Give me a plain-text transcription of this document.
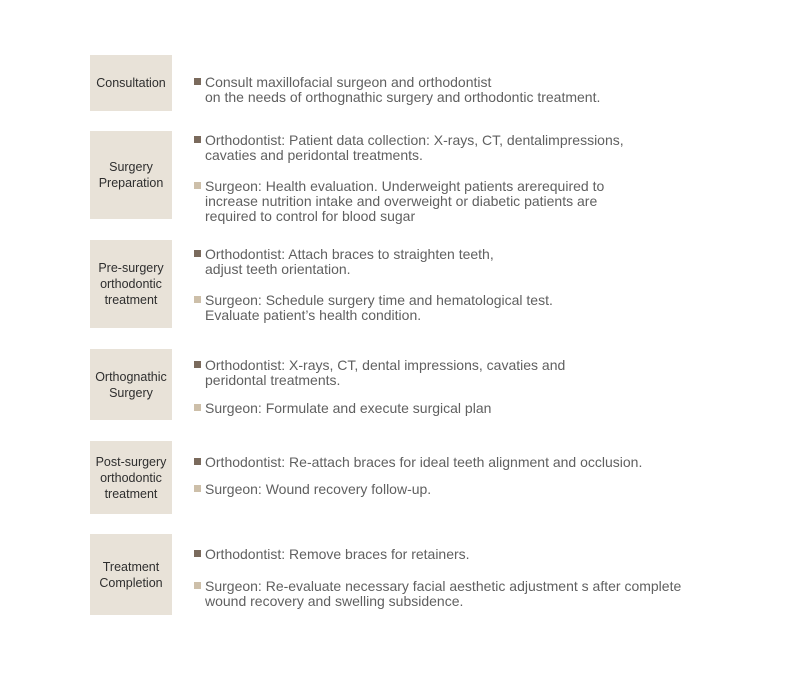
Consultation	Consult maxillofacial surgeon and orthodontist
on the needs of orthognathic surgery and orthodontic treatment.
Surgery
Preparation
Orthodontist: Patient data collection: X-rays, CT, dentalimpressions,
cavaties and peridontal treatments.
Surgeon: Health evaluation. Underweight patients arerequired to
increase nutrition intake and overweight or diabetic patients are
required to control for blood sugar
Pre-surgery
orthodontic
treatment
Orthodontist: Attach braces to straighten teeth,
adjust teeth orientation.
Surgeon: Schedule surgery time and hematological test.
Evaluate patient’s health condition.
Orthognathic
Surgery
Orthodontist: X-rays, CT, dental impressions, cavaties and
peridontal treatments.
Surgeon: Formulate and execute surgical plan
Post-surgery
orthodontic
treatment
Orthodontist: Re-attach braces for ideal teeth alignment and occlusion.
Surgeon: Wound recovery follow-up.
Treatment
Completion
Orthodontist: Remove braces for retainers.
Surgeon: Re-evaluate necessary facial aesthetic adjustment s after complete
wound recovery and swelling subsidence.
